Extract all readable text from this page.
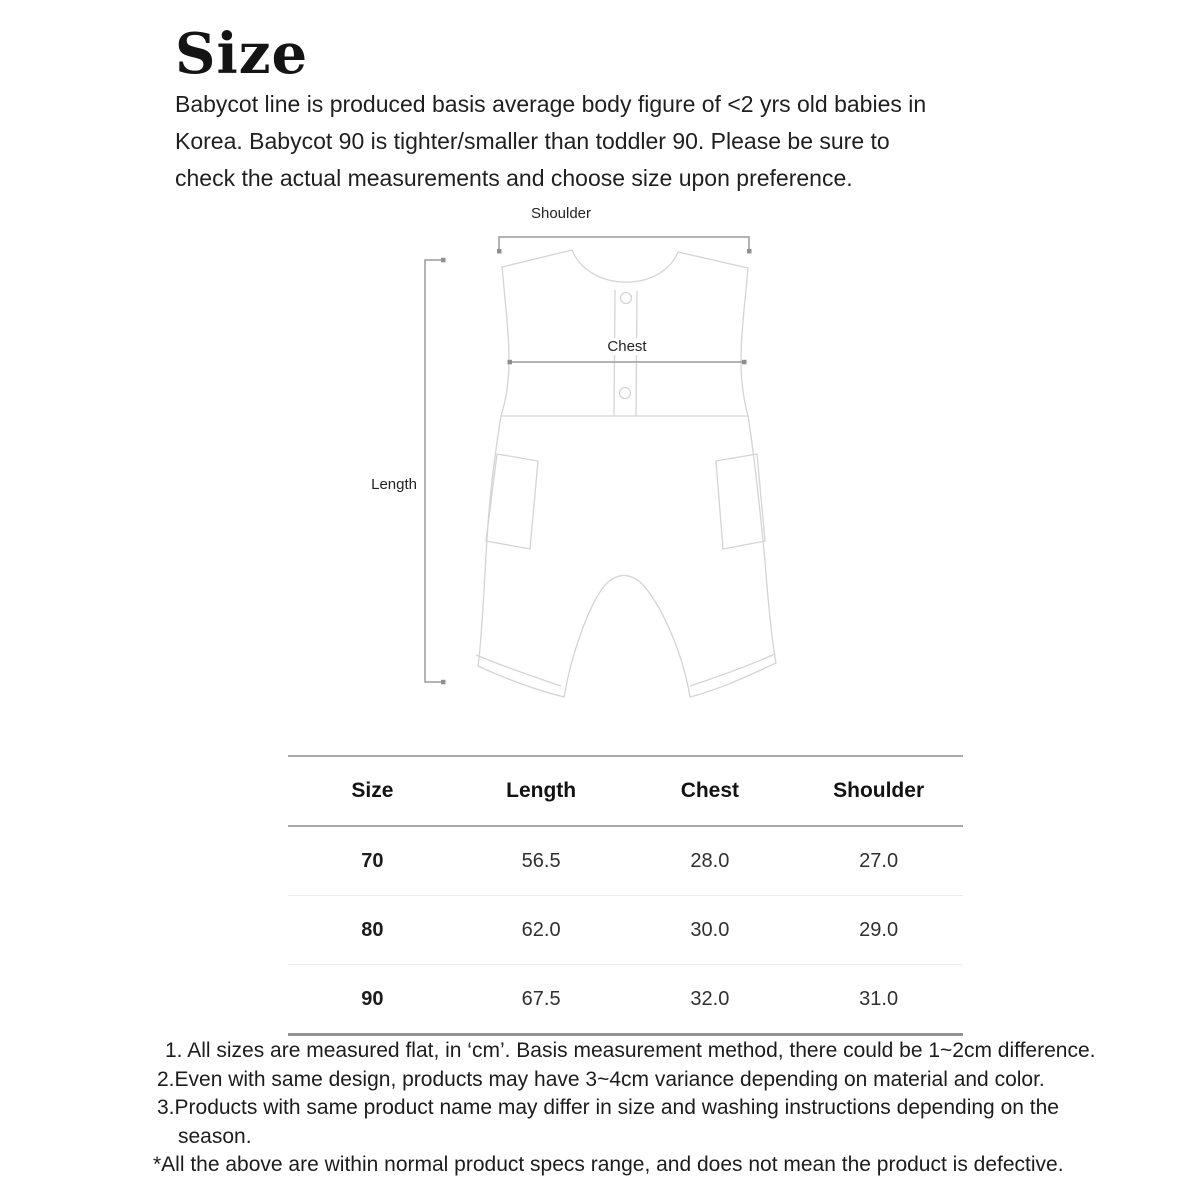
Size

Babycot line is produced basis average body figure of <2 yrs old babies in
Korea. Babycot 90 is tighter/smaller than toddler 90. Please be sure to
check the actual measurements and choose size upon preference.

Shoulder
Chest
Length
Size	Length	Chest	Shoulder
70	56.5	28.0	27.0
80	62.0	30.0	29.0
90	67.5	32.0	31.0
1. All sizes are measured flat, in ‘cm’. Basis measurement method, there could be 1~2cm difference.
2.Even with same design, products may have 3~4cm variance depending on material and color.
3.Products with same product name may differ in size and washing instructions depending on the
season.
*All the above are within normal product specs range, and does not mean the product is defective.
